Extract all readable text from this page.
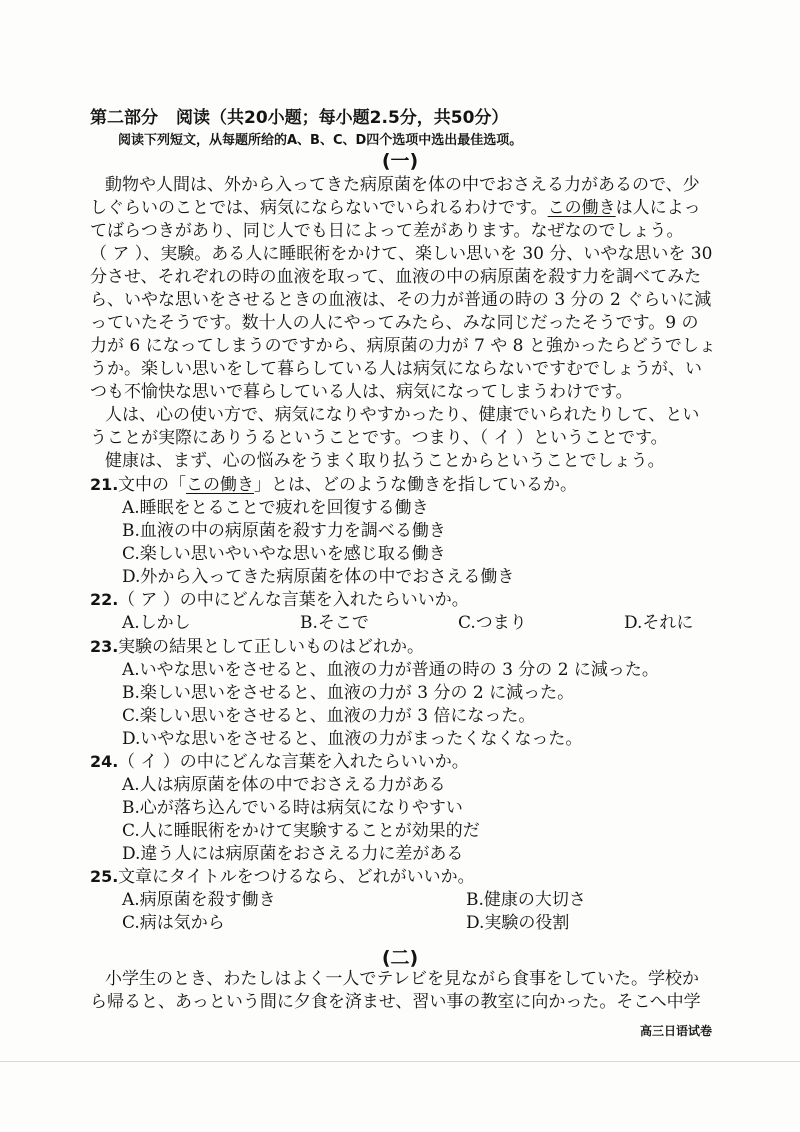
第二部分 阅读（共20小题；每小题2.5分，共50分）
阅读下列短文，从每题所给的A、B、C、D四个选项中选出最佳选项。
(一)
動物や人間は、外から入ってきた病原菌を体の中でおさえる力があるので、少
しぐらいのことでは、病気にならないでいられるわけです。この働きは人によっ
てばらつきがあり、同じ人でも日によって差があります。なぜなのでしょう。
（ ア ）、実験。ある人に睡眠術をかけて、楽しい思いを 30 分、いやな思いを 30
分させ、それぞれの時の血液を取って、血液の中の病原菌を殺す力を調べてみた
ら、いやな思いをさせるときの血液は、その力が普通の時の 3 分の 2 ぐらいに減
っていたそうです。数十人の人にやってみたら、みな同じだったそうです。9 の
力が 6 になってしまうのですから、病原菌の力が 7 や 8 と強かったらどうでしょ
うか。楽しい思いをして暮らしている人は病気にならないですむでしょうが、い
つも不愉快な思いで暮らしている人は、病気になってしまうわけです。
人は、心の使い方で、病気になりやすかったり、健康でいられたりして、とい
うことが実際にありうるということです。つまり、（ イ ）ということです。
健康は、まず、心の悩みをうまく取り払うことからということでしょう。
21. 文中の「この働き」とは、どのような働きを指しているか。
A.睡眠をとることで疲れを回復する働き
B.血液の中の病原菌を殺す力を調べる働き
C.楽しい思いやいやな思いを感じ取る働き
D.外から入ってきた病原菌を体の中でおさえる働き
22. （ ア ）の中にどんな言葉を入れたらいいか。
A.しかし	B.そこで	C.つまり	D.それに
23. 実験の結果として正しいものはどれか。
A.いやな思いをさせると、血液の力が普通の時の 3 分の 2 に減った。
B.楽しい思いをさせると、血液の力が 3 分の 2 に減った。
C.楽しい思いをさせると、血液の力が 3 倍になった。
D.いやな思いをさせると、血液の力がまったくなくなった。
24. （ イ ）の中にどんな言葉を入れたらいいか。
A.人は病原菌を体の中でおさえる力がある
B.心が落ち込んでいる時は病気になりやすい
C.人に睡眠術をかけて実験することが効果的だ
D.違う人には病原菌をおさえる力に差がある
25. 文章にタイトルをつけるなら、どれがいいか。
A.病原菌を殺す働き	B.健康の大切さ
C.病は気から	D.実験の役割
(二)
小学生のとき、わたしはよく一人でテレビを見ながら食事をしていた。学校か
ら帰ると、あっという間に夕食を済ませ、習い事の教室に向かった。そこへ中学
高三日语试卷
